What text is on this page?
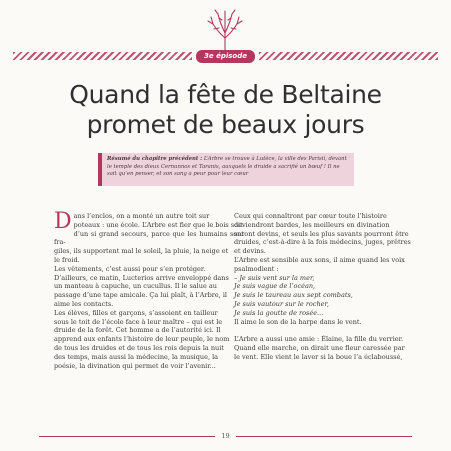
3e épisode
Quand la fête de Beltaine
promet de beaux jours
Résumé du chapitre précédent : L’Arbre se trouve à Lutèce, la ville des Parisii, devant le temple des dieux Cernunnos et Taranis, auxquels le druide a sacrifié un bœuf ! Il ne sait qu’en penser, et son sang a peur pour leur cœur
D ans l’enclos, on a monté un autre toit sur

poteaux : une école. L’Arbre est fier que le bois soit

d’un si grand secours, parce que les humains sont fra-

giles, ils supportent mal le soleil, la pluie, la neige et

le froid.

Les vêtements, c’est aussi pour s’en protéger.

D’ailleurs, ce matin, Lucterios arrive enveloppé dans

un manteau à capuche, un cucullus. Il le salue au

passage d’une tape amicale. Ça lui plaît, à l’Arbre, il

aime les contacts.

Les élèves, filles et garçons, s’assoient en tailleur

sous le toit de l’école face à leur maître – qui est le

druide de la forêt. Cet homme a de l’autorité ici. Il

apprend aux enfants l’histoire de leur peuple, le nom

de tous les druides et de tous les rois depuis la nuit

des temps, mais aussi la médecine, la musique, la

poésie, la divination qui permet de voir l’avenir...

Ceux qui connaîtront par cœur toute l’histoire

deviendront bardes, les meilleurs en divination

seront devins, et seuls les plus savants pourront être

druides, c’est-à-dire à la fois médecins, juges, prêtres

et devins.

L’Arbre est sensible aux sons, il aime quand les voix

psalmodient :

– Je suis vent sur la mer,

Je suis vague de l’océan,

Je suis le taureau aux sept combats,

Je suis vautour sur le rocher,

Je suis la goutte de rosée...

Il aime le son de la harpe dans le vent.

L’Arbre a aussi une amie : Élaine, la fille du verrier.

Quand elle marche, on dirait une fleur caressée par

le vent. Elle vient le laver si la boue l’a éclaboussé,

19
